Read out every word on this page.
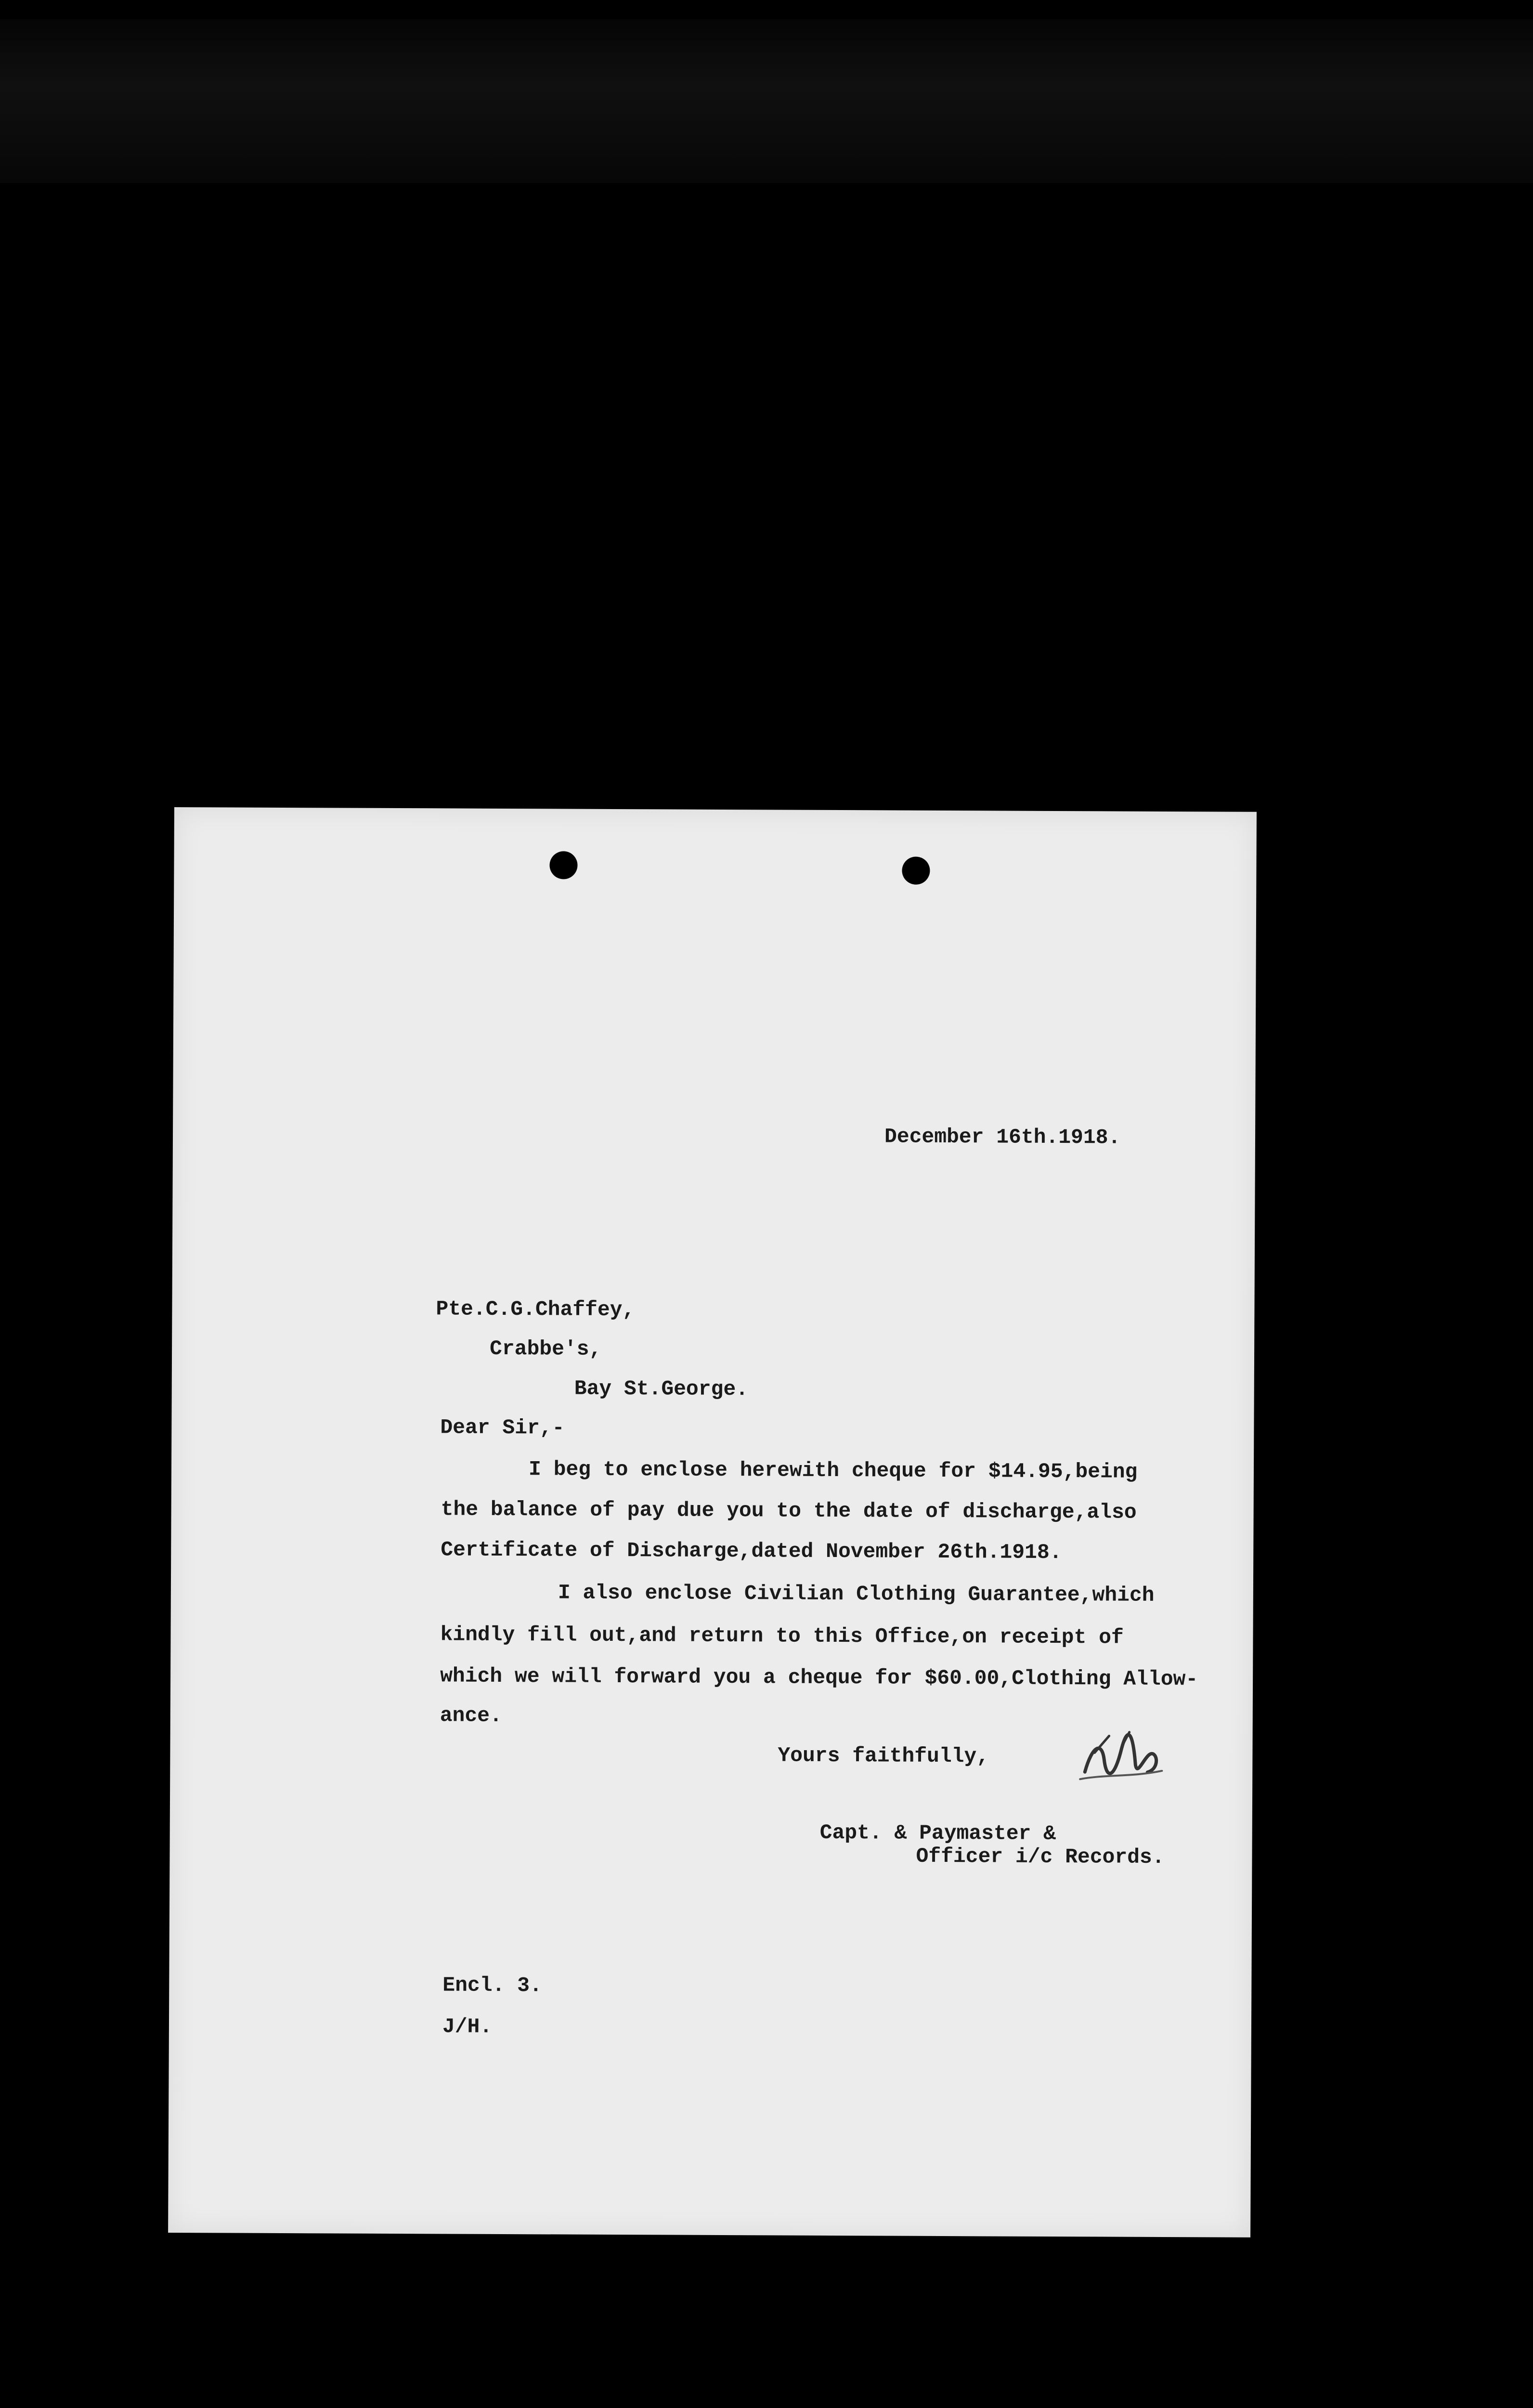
December 16th.1918.
Pte.C.G.Chaffey,
Crabbe's,
Bay St.George.
Dear Sir,-
I beg to enclose herewith cheque for $14.95,being
the balance of pay due you to the date of discharge,also
Certificate of Discharge,dated November 26th.1918.
I also enclose Civilian Clothing Guarantee,which
kindly fill out,and return to this Office,on receipt of
which we will forward you a cheque for $60.00,Clothing Allow-
ance.
Yours faithfully,
Capt. & Paymaster &
Officer i/c Records.
Encl. 3.
J/H.
